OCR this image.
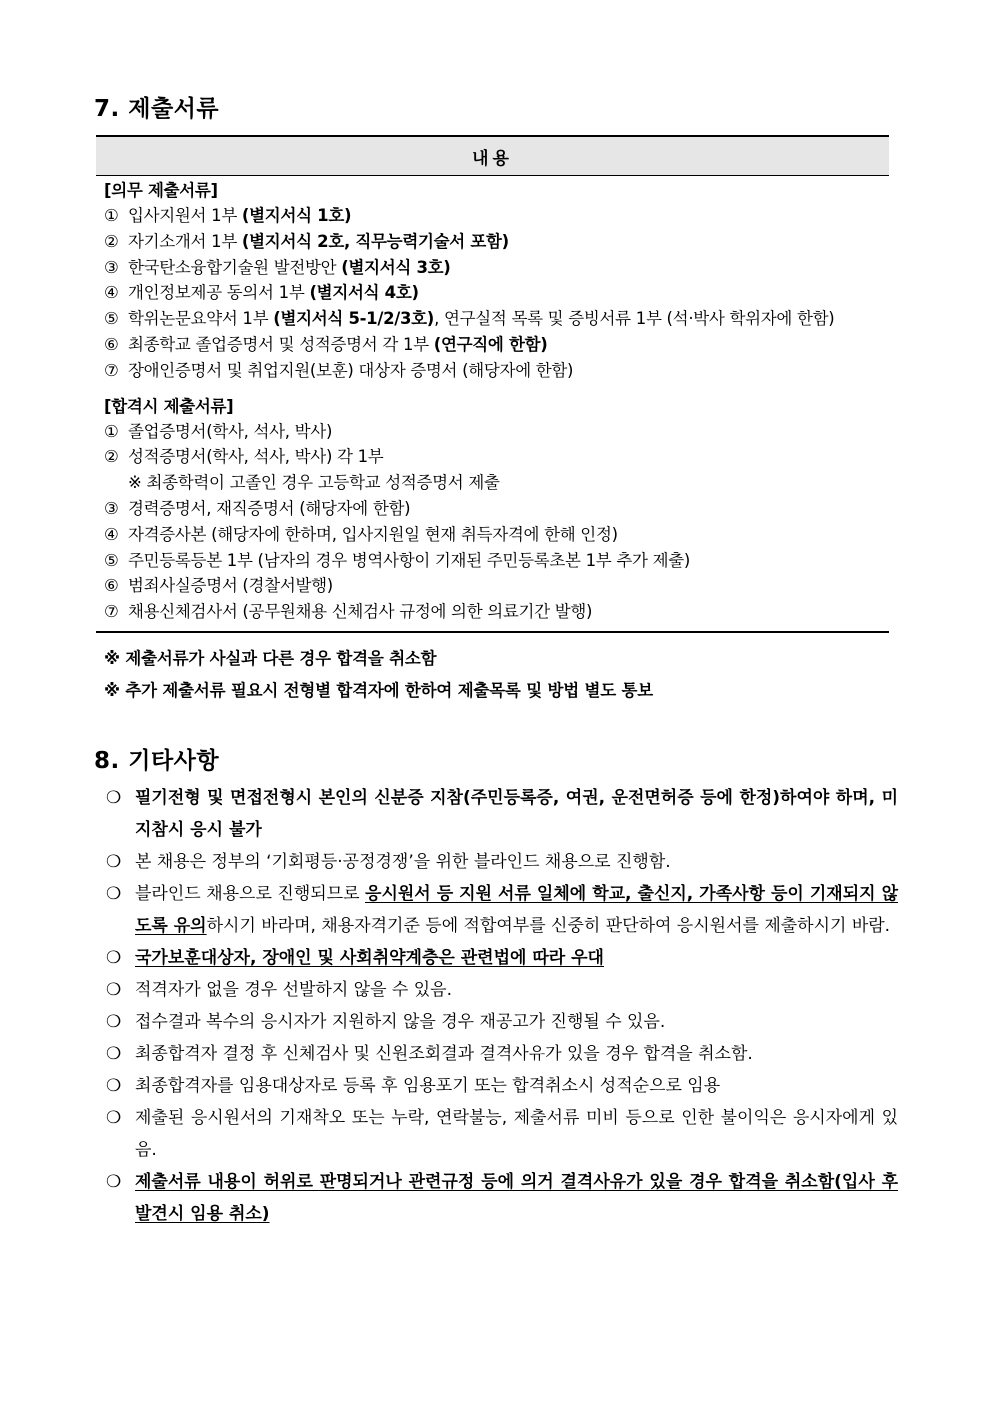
7. 제출서류
내용
[의무 제출서류]
① 입사지원서 1부 (별지서식 1호)
② 자기소개서 1부 (별지서식 2호, 직무능력기술서 포함)
③ 한국탄소융합기술원 발전방안 (별지서식 3호)
④ 개인정보제공 동의서 1부 (별지서식 4호)
⑤ 학위논문요약서 1부 (별지서식 5-1/2/3호), 연구실적 목록 및 증빙서류 1부 (석·박사 학위자에 한함)
⑥ 최종학교 졸업증명서 및 성적증명서 각 1부 (연구직에 한함)
⑦ 장애인증명서 및 취업지원(보훈) 대상자 증명서 (해당자에 한함)
[합격시 제출서류]
① 졸업증명서(학사, 석사, 박사)
② 성적증명서(학사, 석사, 박사) 각 1부
※ 최종학력이 고졸인 경우 고등학교 성적증명서 제출
③ 경력증명서, 재직증명서 (해당자에 한함)
④ 자격증사본 (해당자에 한하며, 입사지원일 현재 취득자격에 한해 인정)
⑤ 주민등록등본 1부 (남자의 경우 병역사항이 기재된 주민등록초본 1부 추가 제출)
⑥ 범죄사실증명서 (경찰서발행)
⑦ 채용신체검사서 (공무원채용 신체검사 규정에 의한 의료기간 발행)
※ 제출서류가 사실과 다른 경우 합격을 취소함
※ 추가 제출서류 필요시 전형별 합격자에 한하여 제출목록 및 방법 별도 통보
8. 기타사항
❍ 필기전형 및 면접전형시 본인의 신분증 지참(주민등록증, 여권, 운전면허증 등에 한정)하여야 하며, 미지참시 응시 불가
❍ 본 채용은 정부의 ‘기회평등·공정경쟁’을 위한 블라인드 채용으로 진행함.
❍ 블라인드 채용으로 진행되므로 응시원서 등 지원 서류 일체에 학교, 출신지, 가족사항 등이 기재되지 않도록 유의하시기 바라며, 채용자격기준 등에 적합여부를 신중히 판단하여 응시원서를 제출하시기 바람.
❍ 국가보훈대상자, 장애인 및 사회취약계층은 관련법에 따라 우대
❍ 적격자가 없을 경우 선발하지 않을 수 있음.
❍ 접수결과 복수의 응시자가 지원하지 않을 경우 재공고가 진행될 수 있음.
❍ 최종합격자 결정 후 신체검사 및 신원조회결과 결격사유가 있을 경우 합격을 취소함.
❍ 최종합격자를 임용대상자로 등록 후 임용포기 또는 합격취소시 성적순으로 임용
❍ 제출된 응시원서의 기재착오 또는 누락, 연락불능, 제출서류 미비 등으로 인한 불이익은 응시자에게 있음.
❍ 제출서류 내용이 허위로 판명되거나 관련규정 등에 의거 결격사유가 있을 경우 합격을 취소함(입사 후 발견시 임용 취소)
